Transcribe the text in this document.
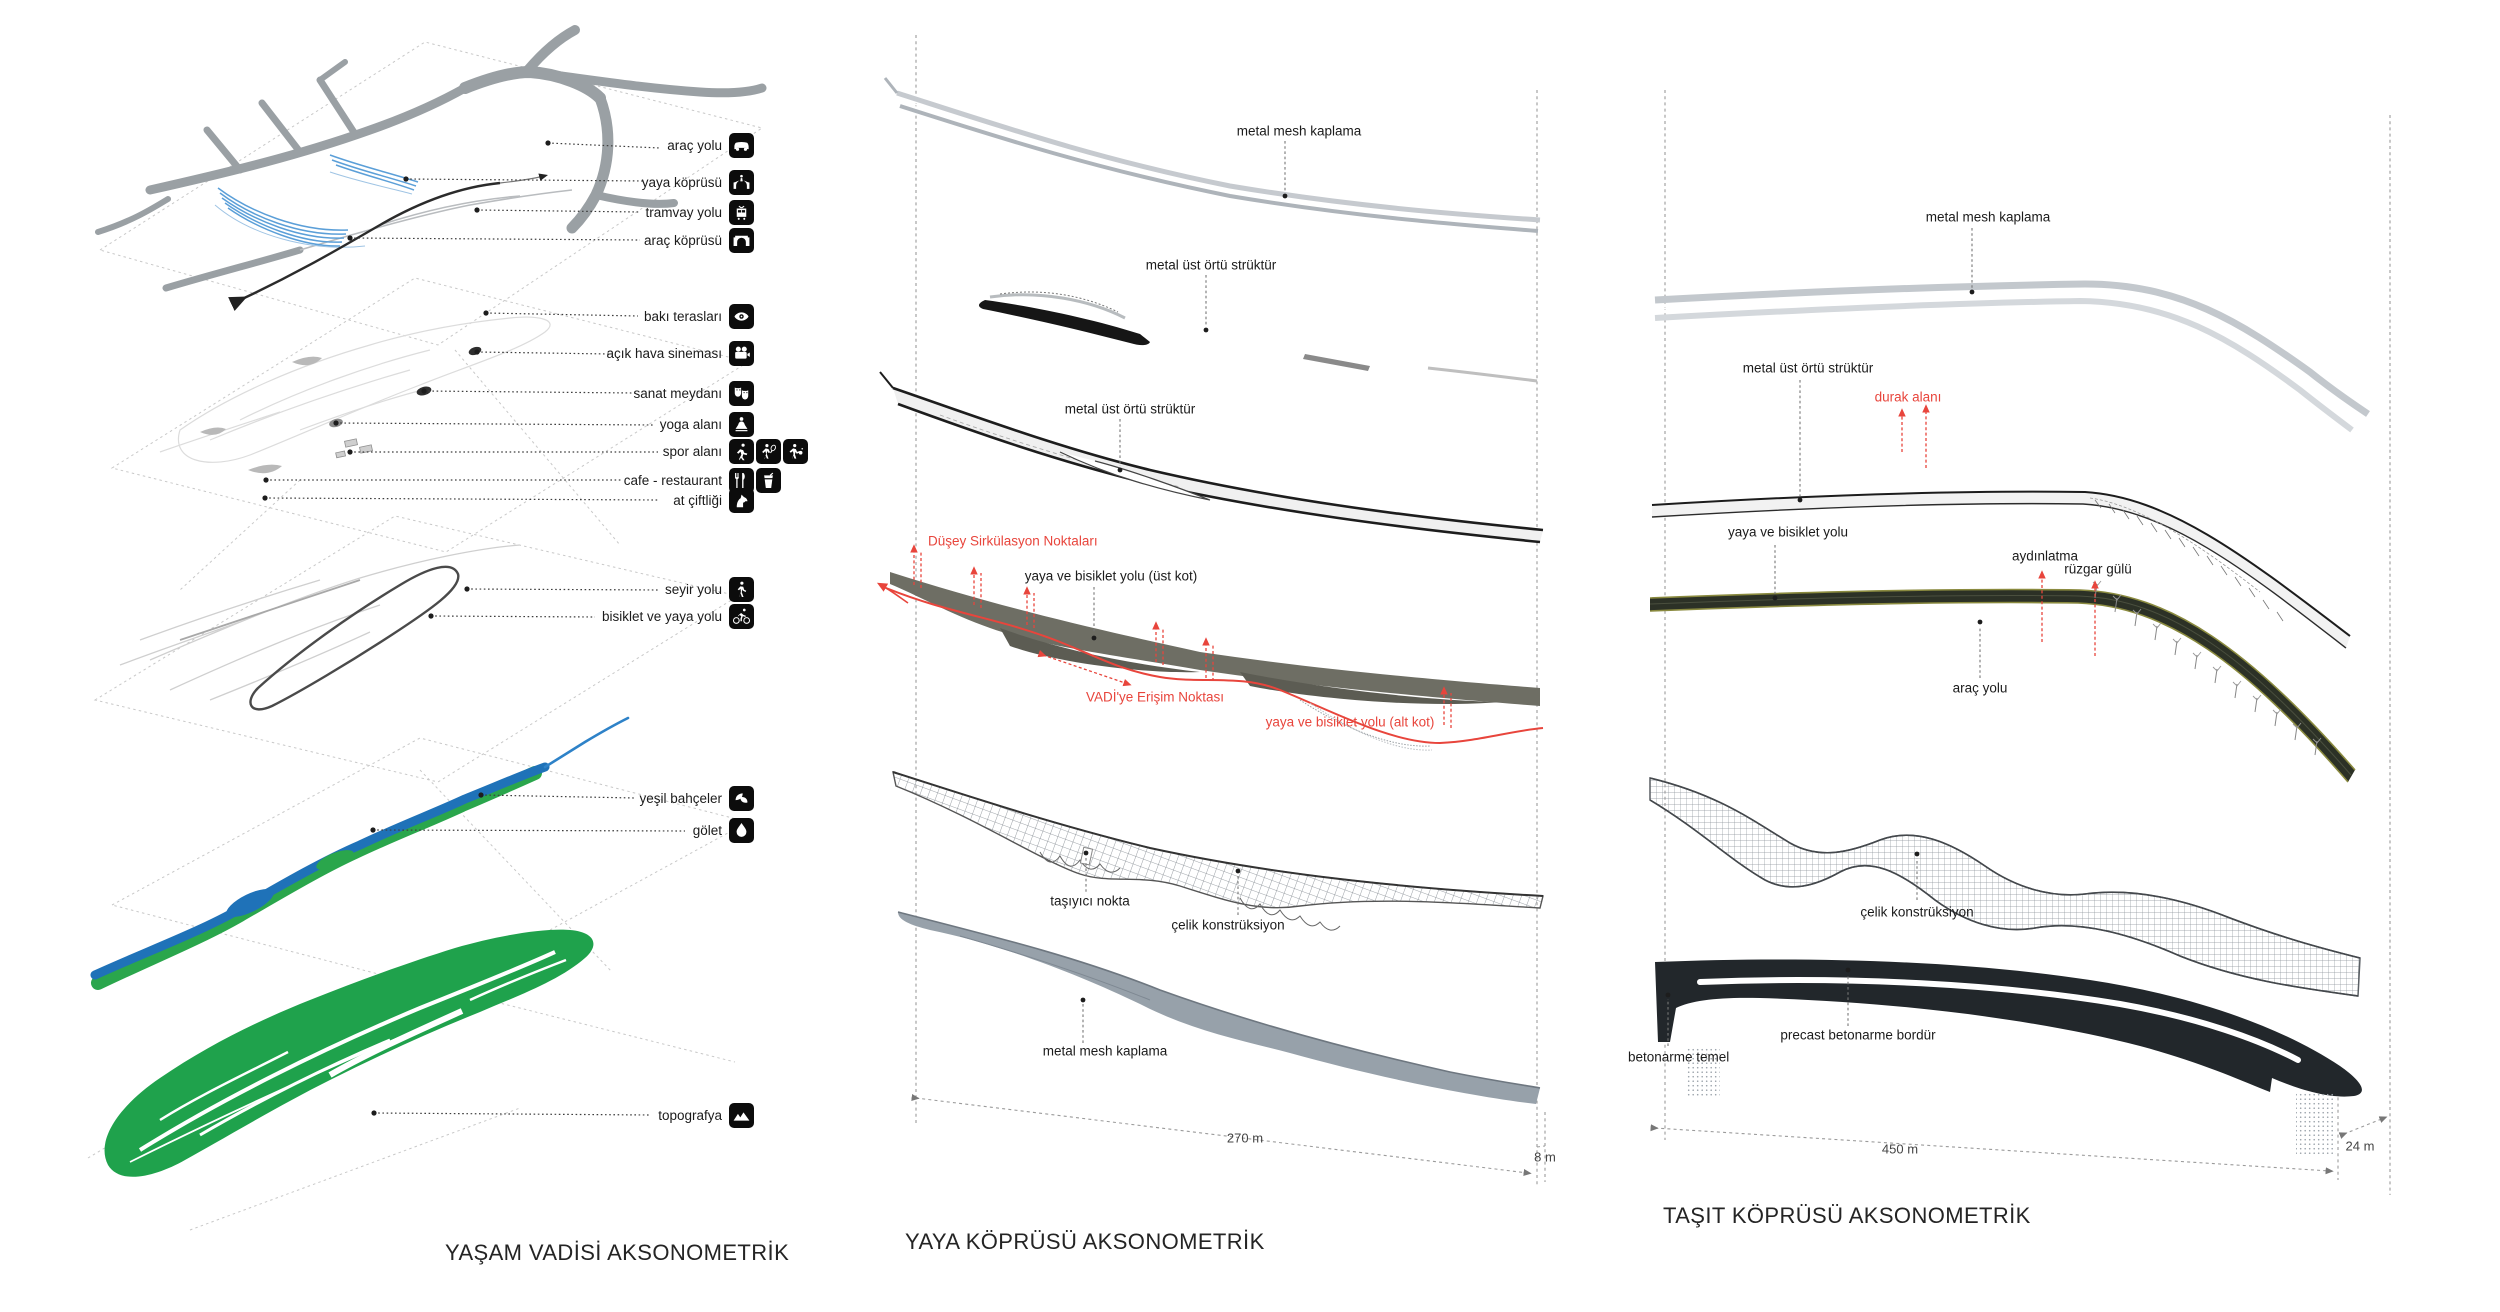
araç yolu
yaya köprüsü
tramvay yolu
araç köprüsü
bakı terasları
açık hava sineması
sanat meydanı
yoga alanı
spor alanı
cafe - restaurant
at çiftliği
seyir yolu
bisiklet ve yaya yolu
yeşil bahçeler
gölet
topografya
metal mesh kaplama
metal üst örtü strüktür
metal üst örtü strüktür
Düşey Sirkülasyon Noktaları
yaya ve bisiklet yolu (üst kot)
VADİ'ye Erişim Noktası
yaya ve bisiklet yolu (alt kot)
taşıyıcı nokta
çelik konstrüksiyon
metal mesh kaplama
270 m
8 m
metal mesh kaplama
metal üst örtü strüktür
durak alanı
yaya ve bisiklet yolu
aydınlatma
rüzgar gülü
araç yolu
çelik konstrüksiyon
precast betonarme bordür
betonarme temel
450 m	24 m
YAŞAM VADİSİ AKSONOMETRİK	YAYA KÖPRÜSÜ AKSONOMETRİK
TAŞIT KÖPRÜSÜ AKSONOMETRİK
